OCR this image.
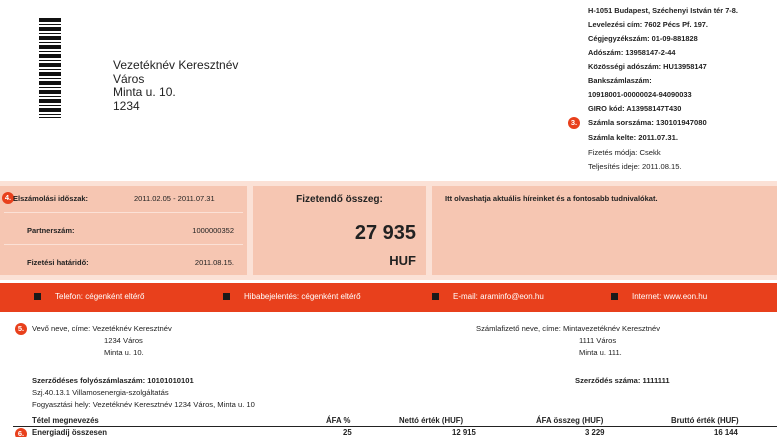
Vezetéknév Keresztnév
Város
Minta u. 10.
1234
H-1051 Budapest, Széchenyi István tér 7-8.
Levelezési cím: 7602 Pécs Pf. 197.
Cégjegyzékszám: 01-09-881828
Adószám: 13958147-2-44
Közösségi adószám: HU13958147
Bankszámlaszám:
10918001-00000024-94090033
GIRO kód: A13958147T430
3.	Számla sorszáma: 130101947080
Számla kelte: 2011.07.31.
Fizetés módja: Csekk
Teljesítés ideje: 2011.08.15.
4. Elszámolási időszak:	2011.02.05 - 2011.07.31
Partnerszám:	1000000352
Fizetési határidő:	2011.08.15.
Fizetendő összeg:
27 935
HUF
Itt olvashatja aktuális híreinket és a fontosabb tudnivalókat.
Telefon: cégenként eltérő	Hibabejelentés: cégenként eltérő	E-mail: araminfo@eon.hu	Internet: www.eon.hu
5.	Vevő neve, címe: Vezetéknév Keresztnév
1234 Város
Minta u. 10.
Számlafizető neve, címe: Mintavezetéknév Keresztnév
1111 Város
Minta u. 111.
Szerződéses folyószámlaszám: 10101010101
Szj.40.13.1 Villamosenergia-szolgáltatás
Fogyasztási hely: Vezetéknév Keresztnév 1234 Város, Minta u. 10
Szerződés száma: 1111111
Tétel megnevezés	ÁFA %	Nettó érték (HUF)	ÁFA összeg (HUF)	Bruttó érték (HUF)
6.	Energiadíj összesen	25	12 915	3 229	16 144
